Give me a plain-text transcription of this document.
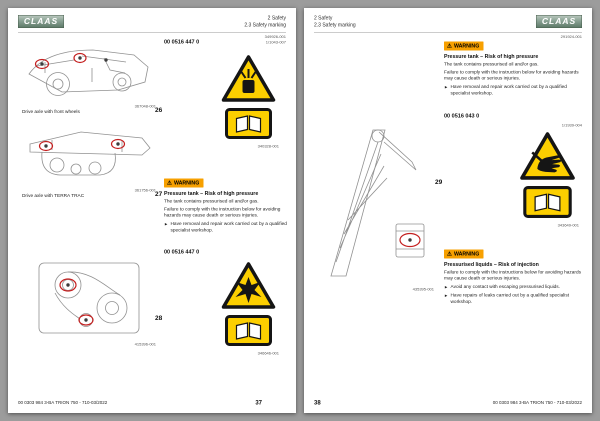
CLAAS	2 Safety
2.3 Safety marking
349926-001
1/1043-007
367048-001
Drive axle with front wheels	26
00 0516 447 0
340328-001
361756-001
Drive axle with TERRA TRAC	27
⚠
WARNING
Pressure tank – Risk of high pressure
The tank contains pressurised oil and/or gas.
Failure to comply with the instruction below for avoiding hazards may cause death or serious injuries.
► Have removal and repair work carried out by a qualified specialist workshop.
00 0516 447 0
415396-001
28
346646-001
00 0303 984 3-BA TRION 750 - 710-03/2022	37
2 Safety
2.3 Safety marking	CLAAS
291924-001
⚠
WARNING
Pressure tank – Risk of high pressure
The tank contains pressurised oil and/or gas.
Failure to comply with the instruction below for avoiding hazards may cause death or serious injuries.
► Have removal and repair work carried out by a qualified specialist workshop.
00 0516 043 0
1/1939-004
435395-001
29
343649-001
⚠
WARNING
Pressurised liquids – Risk of injection
Failure to comply with the instructions below for avoiding hazards may cause death or serious injuries.
► Avoid any contact with escaping pressurised liquids.
► Have repairs of leaks carried out by a qualified specialist workshop.
38	00 0303 984 3-BA TRION 750 - 710-03/2022
